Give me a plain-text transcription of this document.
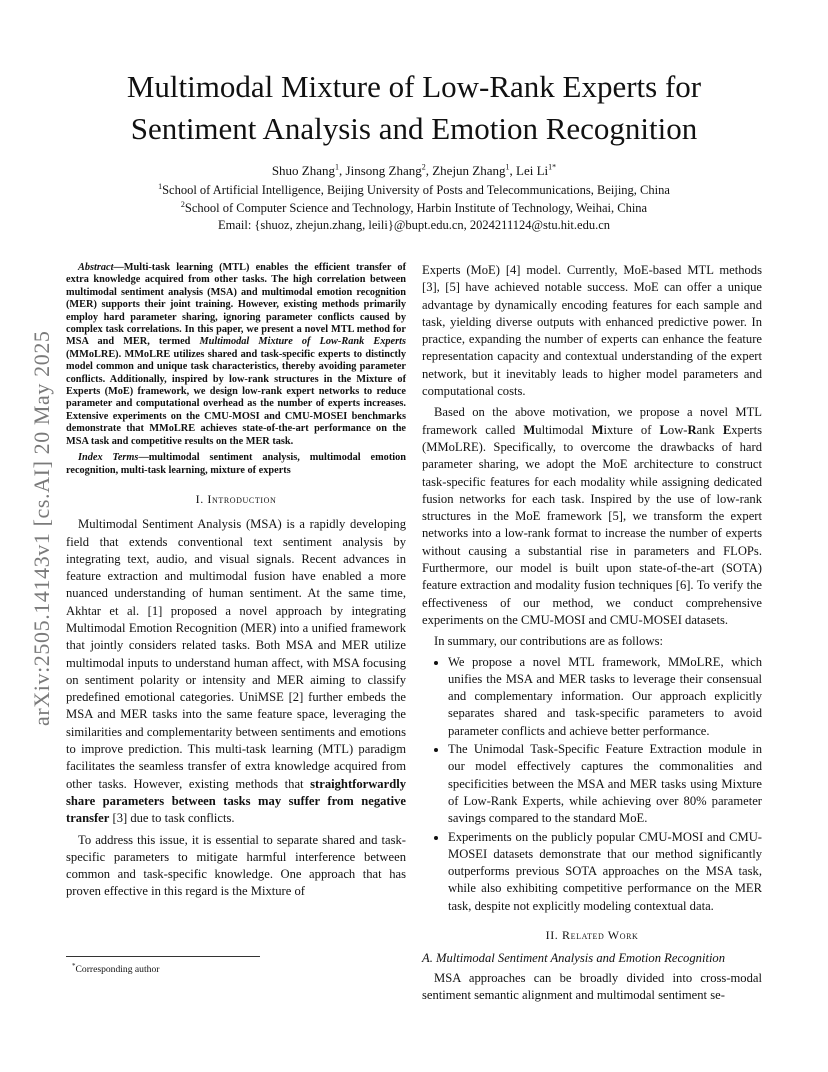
arXiv:2505.14143v1 [cs.AI] 20 May 2025
Multimodal Mixture of Low-Rank Experts for
Sentiment Analysis and Emotion Recognition
Shuo Zhang$^1$, Jinsong Zhang$^2$, Zhejun Zhang$^1$, Lei $Li^{1*}$
$^1$School of Artificial Intelligence, Beijing University of Posts and Telecommunications, Beijing, China
$^2$School of Computer Science and Technology, Harbin Institute of Technology, Weihai, China
Email: {shuoz, zhejun.zhang, leili}@bupt.edu.cn, 2024211124@stu.hit.edu.cn

Abstract—Multi-task learning (MTL) enables the efficient transfer of extra knowledge acquired from other tasks. The high correlation between multimodal sentiment analysis (MSA) and multimodal emotion recognition (MER) supports their joint training. However, existing methods primarily employ hard parameter sharing, ignoring parameter conflicts caused by complex task correlations. In this paper, we present a novel MTL method for MSA and MER, termed Multimodal Mixture of Low-Rank Experts (MMoLRE). MMoLRE utilizes shared and task-specific experts to distinctly model common and unique task characteristics, thereby avoiding parameter conflicts. Additionally, inspired by low-rank structures in the Mixture of Experts (MoE) framework, we design low-rank expert networks to reduce parameter and computational overhead as the number of experts increases. Extensive experiments on the CMU-MOSI and CMU-MOSEI benchmarks demonstrate that MMoLRE achieves state-of-the-art performance on the MSA task and competitive results on the MER task.

Index Terms—multimodal sentiment analysis, multimodal emotion recognition, multi-task learning, mixture of experts

I. Introduction

Multimodal Sentiment Analysis (MSA) is a rapidly developing field that extends conventional text sentiment analysis by integrating text, audio, and visual signals. Recent advances in feature extraction and multimodal fusion have enabled a more nuanced understanding of human sentiment. At the same time, Akhtar et al. [1] proposed a novel approach by integrating Multimodal Emotion Recognition (MER) into a unified framework that jointly considers related tasks. Both MSA and MER utilize multimodal inputs to understand human affect, with MSA focusing on sentiment polarity or intensity and MER aiming to classify predefined emotional categories. UniMSE [2] further embeds the MSA and MER tasks into the same feature space, leveraging the similarities and complementarity between sentiments and emotions to improve prediction. This multi-task learning (MTL) paradigm facilitates the seamless transfer of extra knowledge acquired from other tasks. However, existing methods that straightforwardly share parameters between tasks may suffer from negative transfer [3] due to task conflicts.

To address this issue, it is essential to separate shared and task-specific parameters to mitigate harmful interference between common and task-specific knowledge. One approach that has proven effective in this regard is the Mixture of

Experts (MoE) [4] model. Currently, MoE-based MTL methods [3], [5] have achieved notable success. MoE can offer a unique advantage by dynamically encoding features for each sample and task, yielding diverse outputs with enhanced predictive power. In practice, expanding the number of experts can enhance the feature representation capacity and contextual understanding of the expert network, but it inevitably leads to higher model parameters and computational costs.

Based on the above motivation, we propose a novel MTL framework called Multimodal Mixture of Low-Rank Experts (MMoLRE). Specifically, to overcome the drawbacks of hard parameter sharing, we adopt the MoE architecture to construct task-specific features for each modality while assigning dedicated fusion networks for each task. Inspired by the use of low-rank structures in the MoE framework [5], we transform the expert networks into a low-rank format to increase the number of experts without causing a substantial rise in parameters and FLOPs. Furthermore, our model is built upon state-of-the-art (SOTA) feature extraction and modality fusion techniques [6]. To verify the effectiveness of our method, we conduct comprehensive experiments on the CMU-MOSI and CMU-MOSEI datasets.

In summary, our contributions are as follows:

• We propose a novel MTL framework, MMoLRE, which unifies the MSA and MER tasks to leverage their consensual and complementary information. Our approach explicitly separates shared and task-specific parameters to avoid parameter conflicts and achieve better performance.
• The Unimodal Task-Specific Feature Extraction module in our model effectively captures the commonalities and specificities between the MSA and MER tasks using Mixture of Low-Rank Experts, while achieving over 80% parameter savings compared to the standard MoE.
• Experiments on the publicly popular CMU-MOSI and CMU-MOSEI datasets demonstrate that our method significantly outperforms previous SOTA approaches on the MSA task, while also exhibiting competitive performance on the MER task, despite not explicitly modeling contextual data.
II. Related Work
A. Multimodal Sentiment Analysis and Emotion Recognition

MSA approaches can be broadly divided into cross-modal sentiment semantic alignment and multimodal sentiment se-

*Corresponding author
